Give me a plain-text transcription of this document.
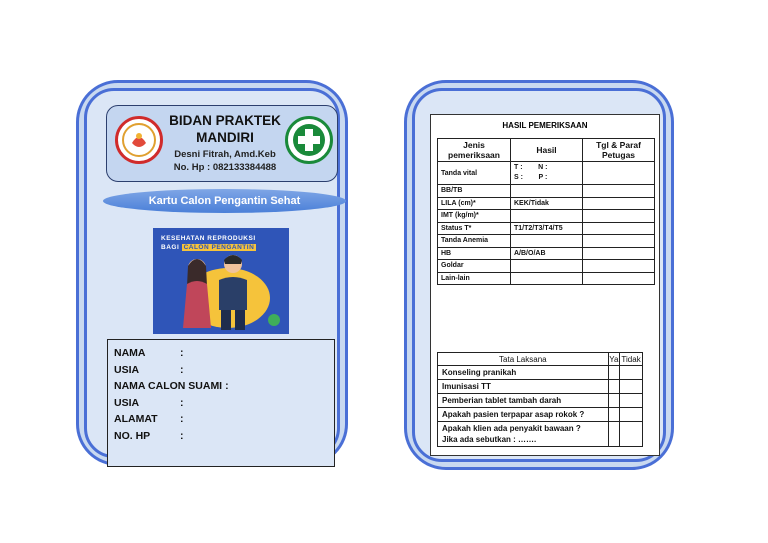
BIDAN PRAKTEK MANDIRI
Desni Fitrah, Amd.Keb
No. Hp : 082133384488
Kartu Calon Pengantin Sehat
KESEHATAN REPRODUKSI
BAGI CALON PENGANTIN
NAMA	:
USIA	:
NAMA CALON SUAMI :
USIA	:
ALAMAT	:
NO. HP	:
HASIL PEMERIKSAAN
Jenis pemeriksaan	Hasil	Tgl & Paraf Petugas
Tanda vital	T :        N :
S :        P :	
BB/TB		
LILA (cm)*	KEK/Tidak	
IMT (kg/m)*		
Status T*	T1/T2/T3/T4/T5	
Tanda Anemia		
HB	A/B/O/AB	
Goldar		
Lain-lain		
Tata Laksana	Ya	Tidak
Konseling pranikah		
Imunisasi TT		
Pemberian tablet tambah darah		
Apakah pasien terpapar asap rokok ?		
Apakah klien ada penyakit bawaan ?
Jika ada sebutkan : …….		
